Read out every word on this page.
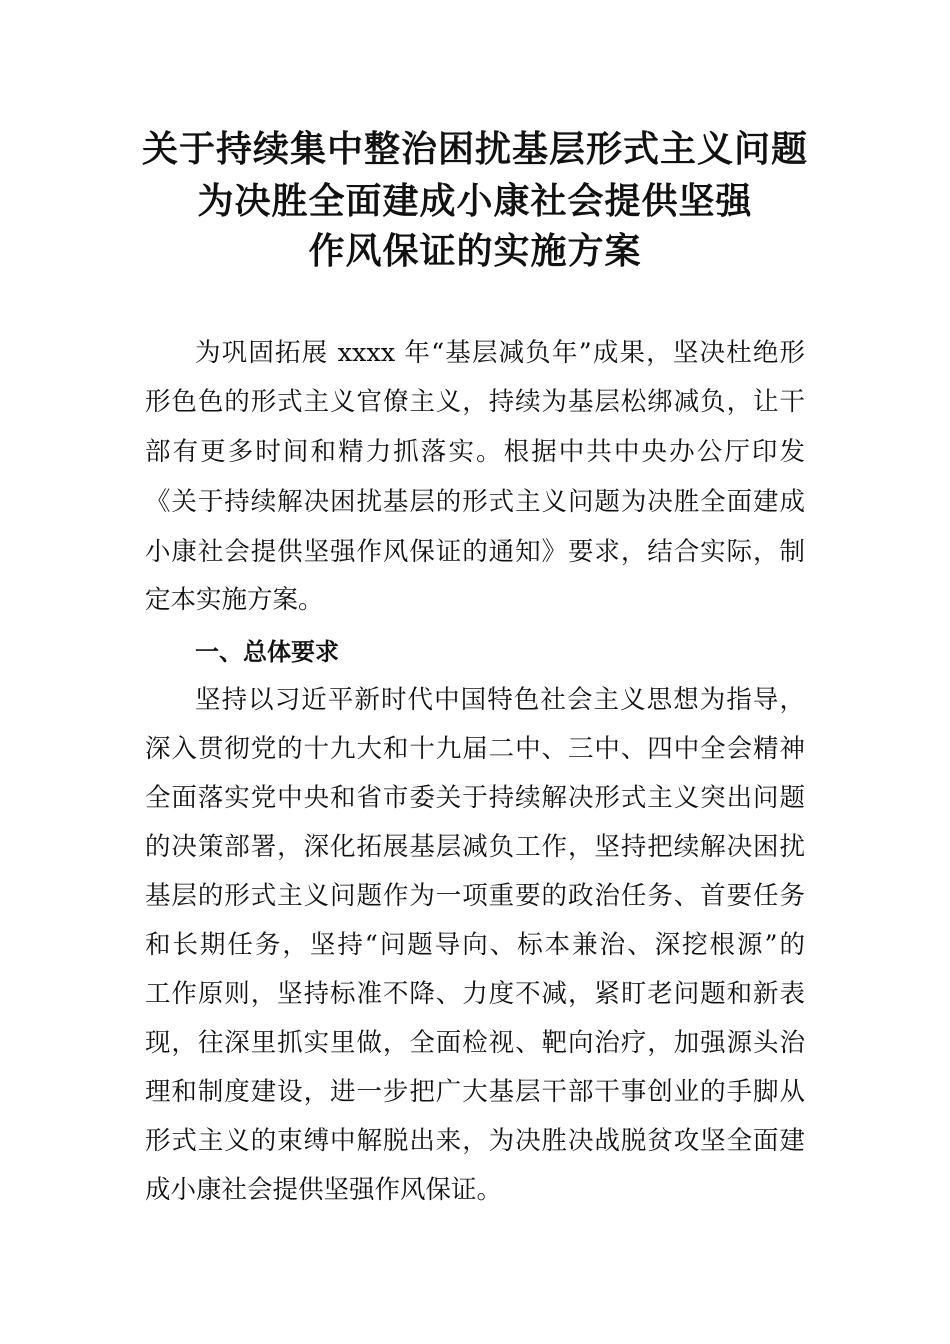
关于持续集中整治困扰基层形式主义问题
为决胜全面建成小康社会提供坚强
作风保证的实施方案
为巩固拓展 xxxx 年“基层减负年”成果，坚决杜绝形
形色色的形式主义官僚主义，持续为基层松绑减负，让干
部有更多时间和精力抓落实。根据中共中央办公厅印发
《关于持续解决困扰基层的形式主义问题为决胜全面建成
小康社会提供坚强作风保证的通知》要求，结合实际，制
定本实施方案。
一、总体要求
坚持以习近平新时代中国特色社会主义思想为指导，
深入贯彻党的十九大和十九届二中、三中、四中全会精神
全面落实党中央和省市委关于持续解决形式主义突出问题
的决策部署，深化拓展基层减负工作，坚持把续解决困扰
基层的形式主义问题作为一项重要的政治任务、首要任务
和长期任务，坚持“问题导向、标本兼治、深挖根源”的
工作原则，坚持标准不降、力度不减，紧盯老问题和新表
现，往深里抓实里做，全面检视、靶向治疗，加强源头治
理和制度建设，进一步把广大基层干部干事创业的手脚从
形式主义的束缚中解脱出来，为决胜决战脱贫攻坚全面建
成小康社会提供坚强作风保证。
